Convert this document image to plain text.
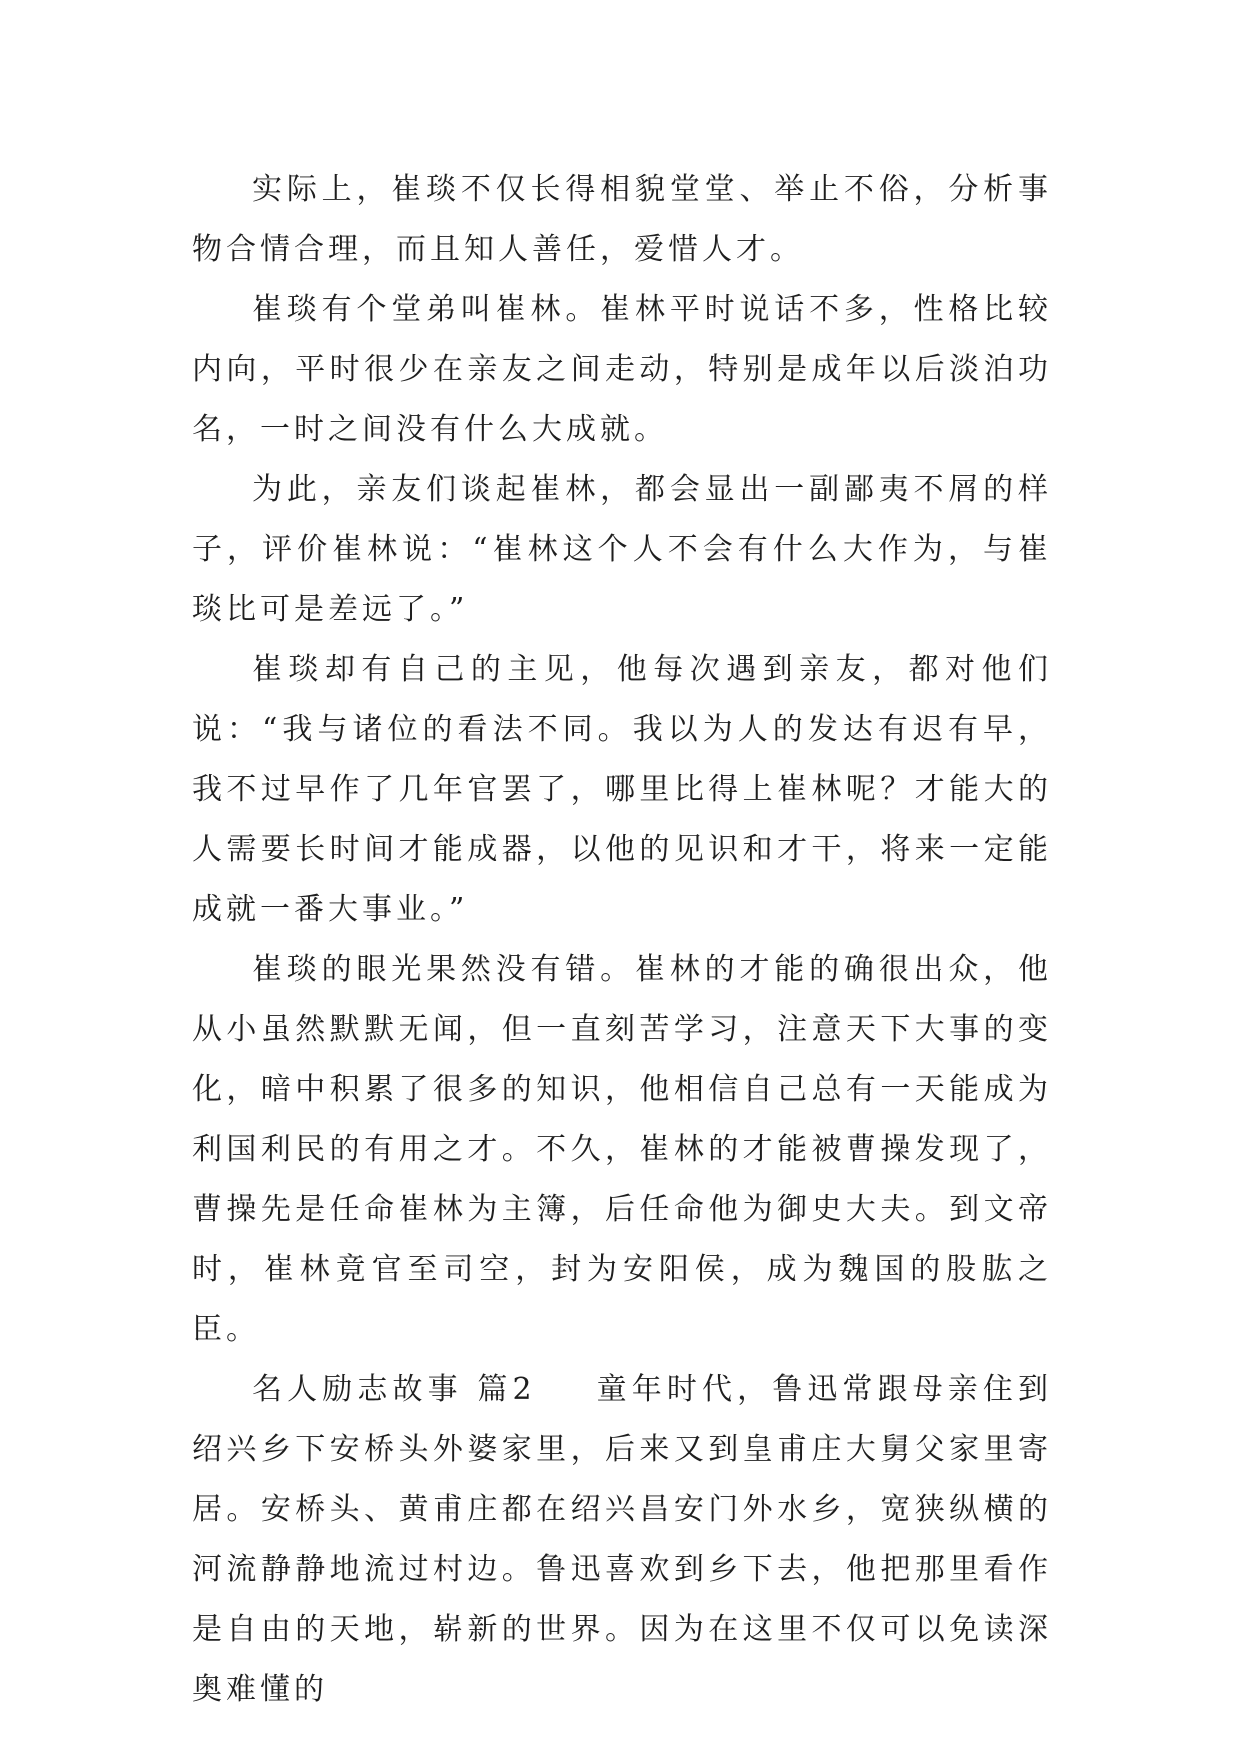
实际上，崔琰不仅长得相貌堂堂、举止不俗，分析事物合情合理，而且知人善任，爱惜人才。

崔琰有个堂弟叫崔林。崔林平时说话不多，性格比较内向，平时很少在亲友之间走动，特别是成年以后淡泊功名，一时之间没有什么大成就。

为此，亲友们谈起崔林，都会显出一副鄙夷不屑的样子，评价崔林说：“崔林这个人不会有什么大作为，与崔琰比可是差远了。”

崔琰却有自己的主见，他每次遇到亲友，都对他们说：“我与诸位的看法不同。我以为人的发达有迟有早，我不过早作了几年官罢了，哪里比得上崔林呢？才能大的人需要长时间才能成器，以他的见识和才干，将来一定能成就一番大事业。”

崔琰的眼光果然没有错。崔林的才能的确很出众，他从小虽然默默无闻，但一直刻苦学习，注意天下大事的变化，暗中积累了很多的知识，他相信自己总有一天能成为利国利民的有用之才。不久，崔林的才能被曹操发现了，曹操先是任命崔林为主簿，后任命他为御史大夫。到文帝时，崔林竟官至司空，封为安阳侯，成为魏国的股肱之臣。

名人励志故事 篇2 童年时代，鲁迅常跟母亲住到绍兴乡下安桥头外婆家里，后来又到皇甫庄大舅父家里寄居。安桥头、黄甫庄都在绍兴昌安门外水乡，宽狭纵横的河流静静地流过村边。鲁迅喜欢到乡下去，他把那里看作是自由的天地，崭新的世界。因为在这里不仅可以免读深奥难懂的
